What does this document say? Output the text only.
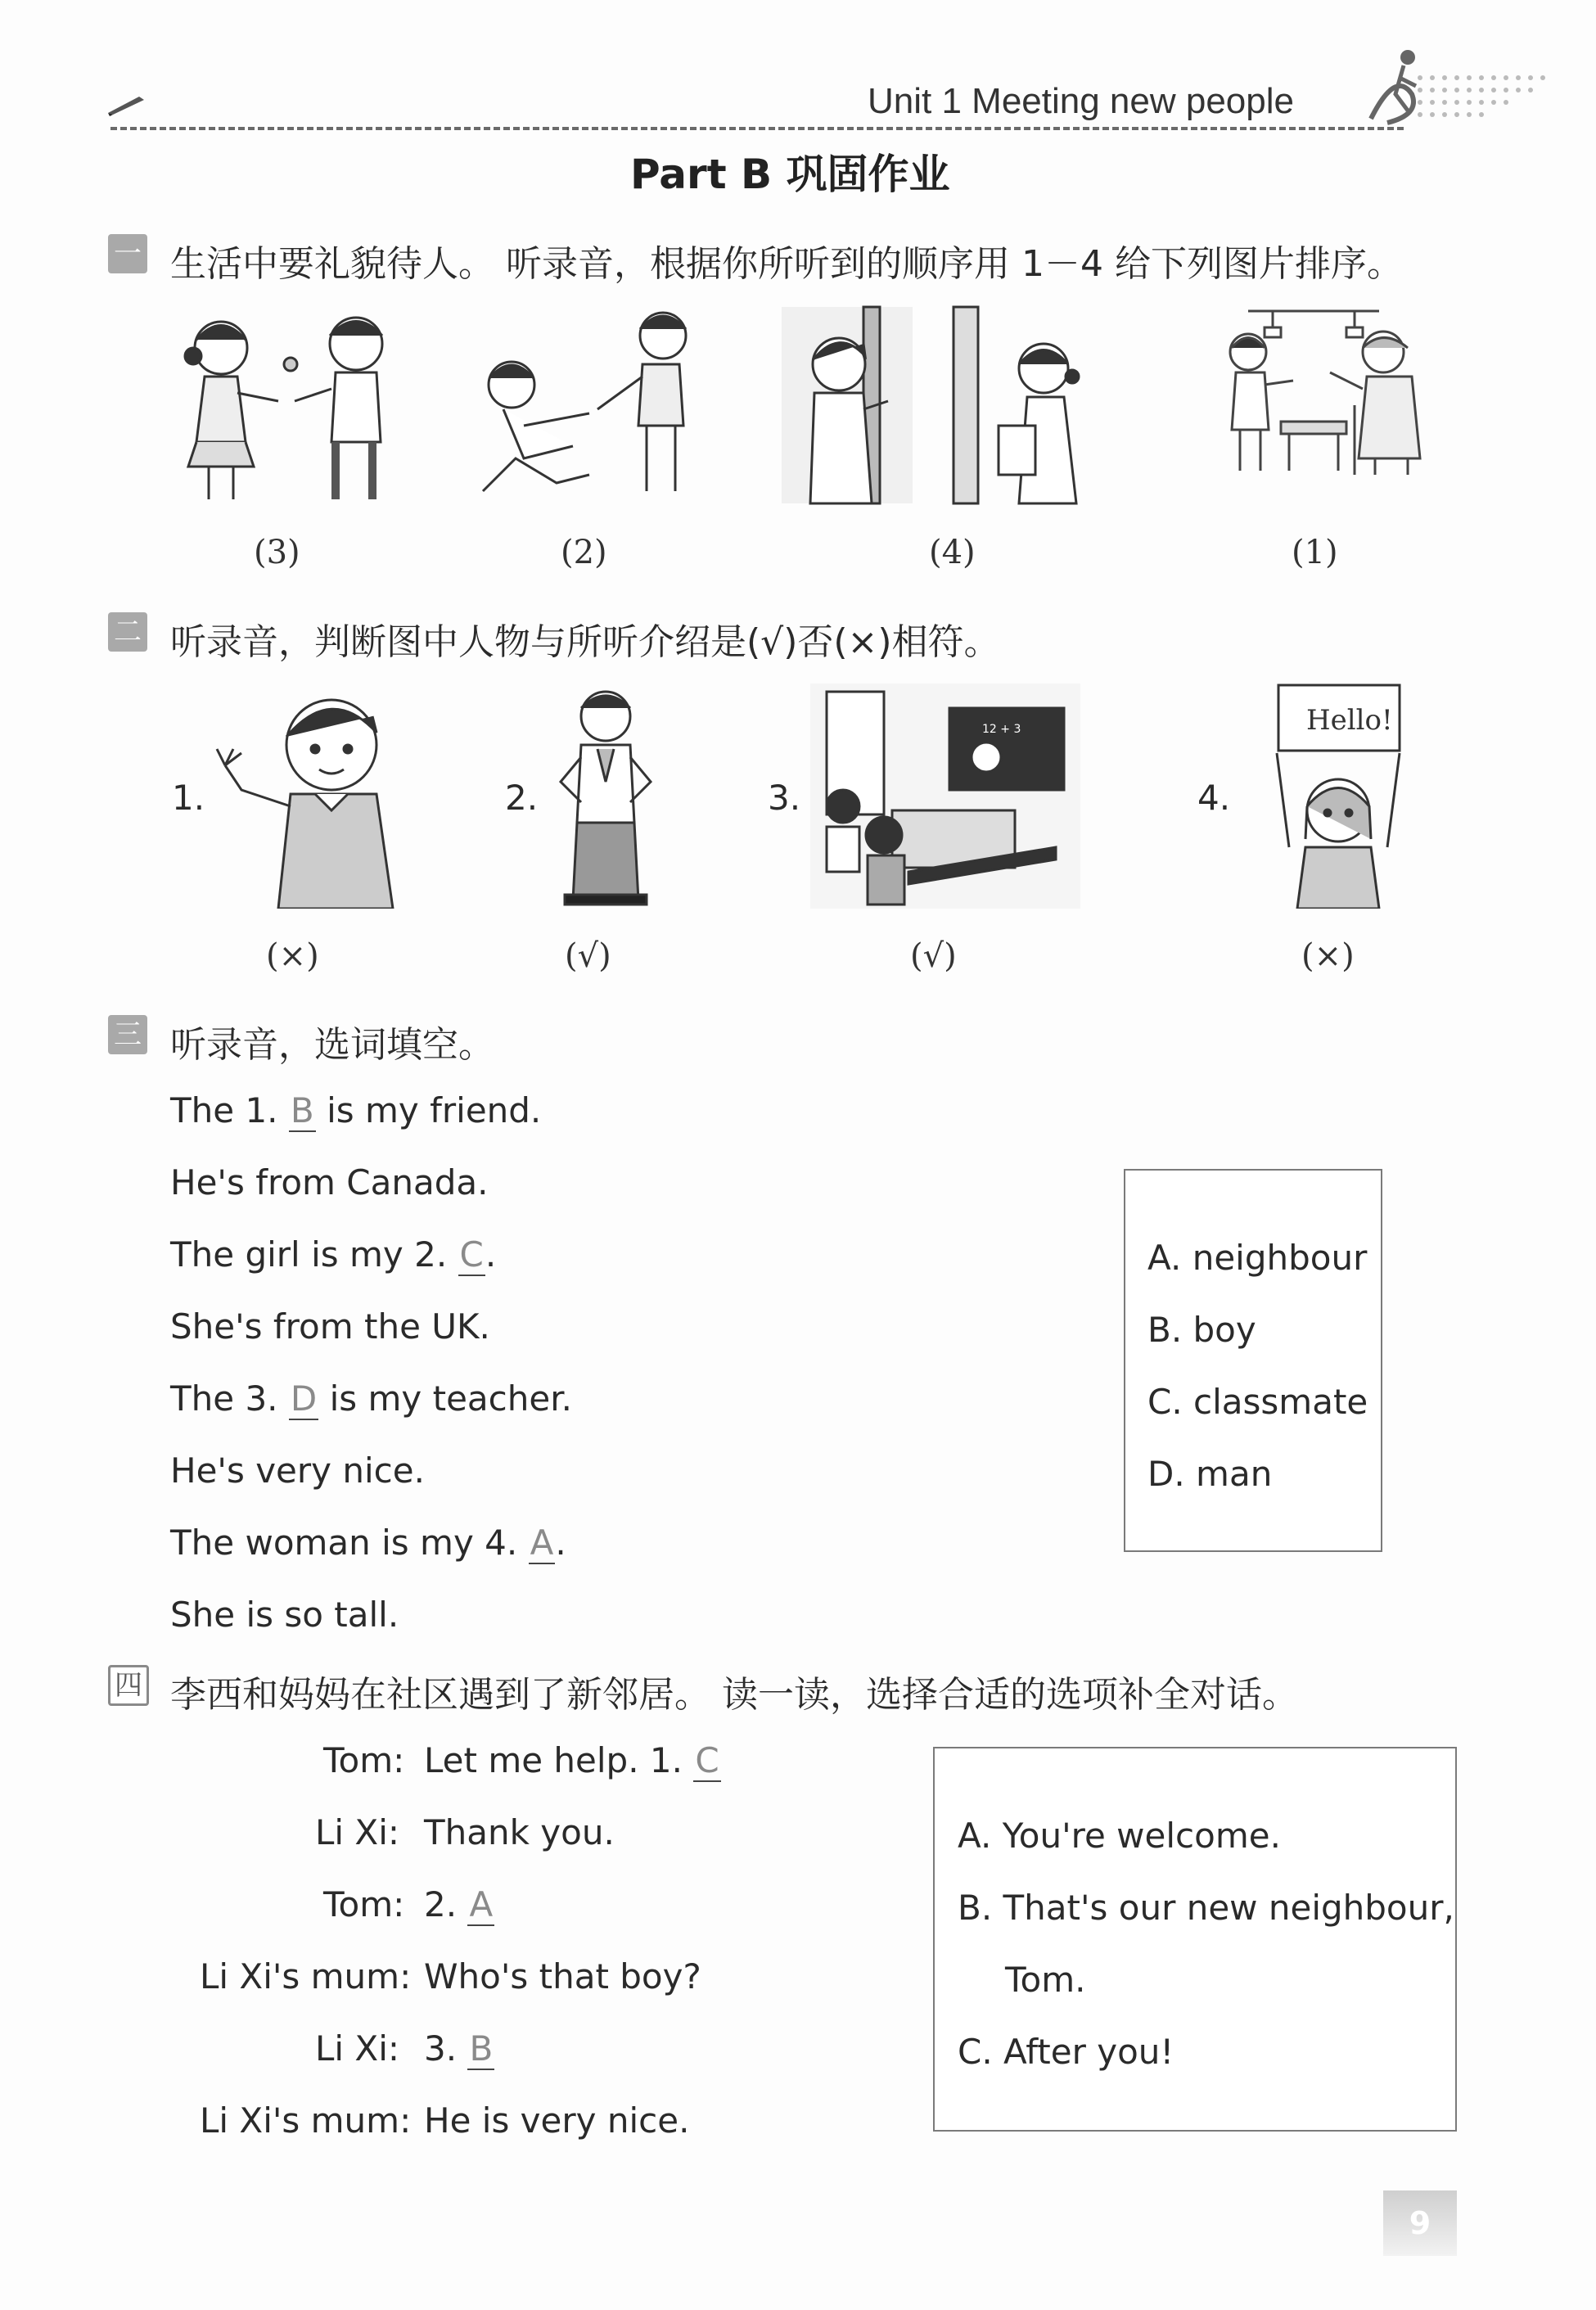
Unit 1 Meeting new people
Part B 巩固作业
一 生活中要礼貌待人。 听录音，根据你所听到的顺序用 1－4 给下列图片排序。
(3)	(2)	(4)	(1)
二 听录音，判断图中人物与所听介绍是(√)否(×)相符。
1.	2.	3.
12 + 3
4.
Hello!
(×)	(√)	(√)	(×)
三 听录音，选词填空。
The 1. B is my friend.
He's from Canada.
The girl is my 2. C.
She's from the UK.
The 3. D is my teacher.
He's very nice.
The woman is my 4. A.
She is so tall.
A. neighbour
B. boy
C. classmate
D. man
四 李西和妈妈在社区遇到了新邻居。 读一读，选择合适的选项补全对话。
Tom: Let me help. 1. C
Li Xi: Thank you.
Tom: 2. A
Li Xi's mum: Who's that boy?
Li Xi: 3. B
Li Xi's mum: He is very nice.
A. You're welcome.
B. That's our new neighbour,
Tom.
C. After you!
9
